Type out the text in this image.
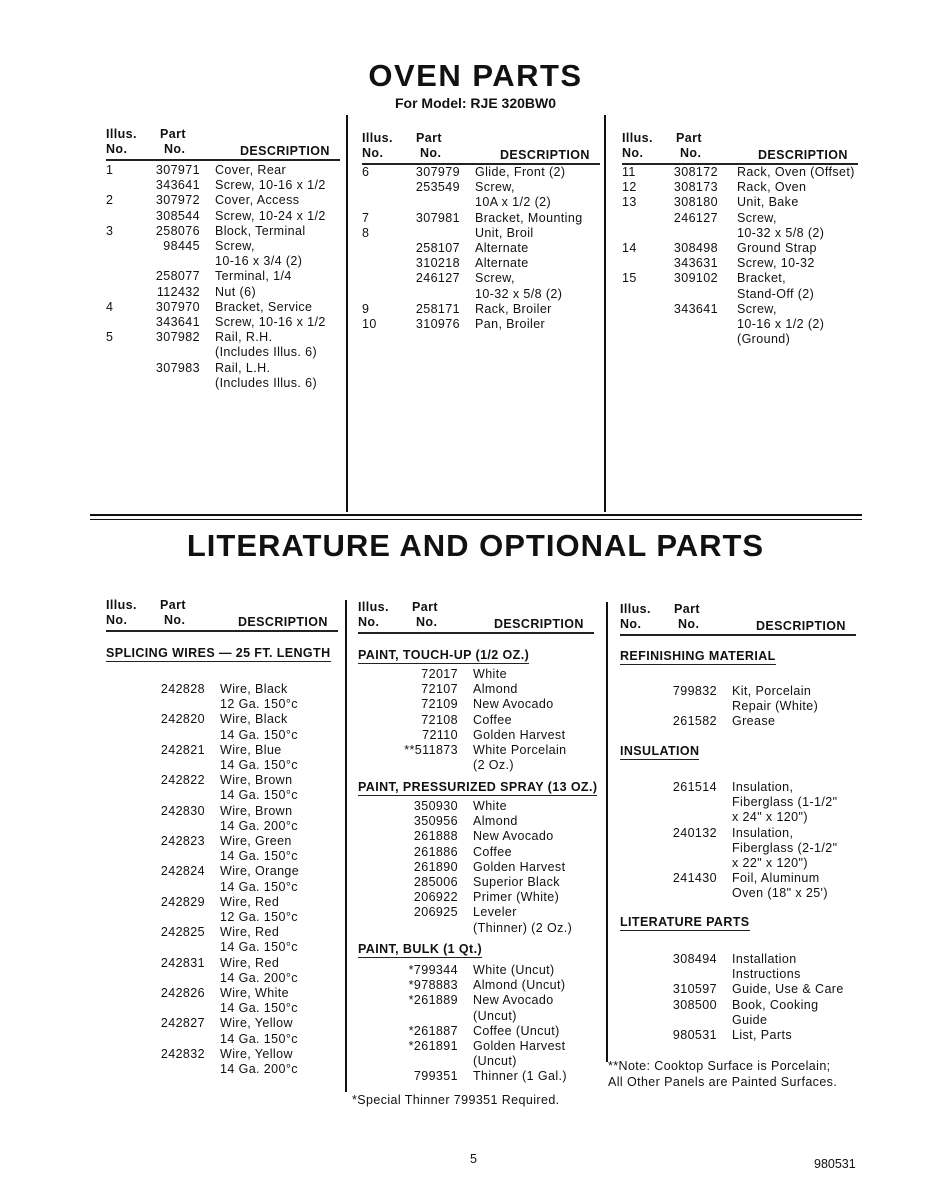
OVEN PARTS
For Model: RJE 320BW0
LITERATURE AND OPTIONAL PARTS
Illus.
No.
Part
No.	DESCRIPTION
1	307971 Cover, Rear
343641 Screw, 10-16 x 1/2
2	307972 Cover, Access
308544 Screw, 10-24 x 1/2
3	258076 Block, Terminal
98445 Screw,
10-16 x 3/4 (2)
258077 Terminal, 1/4
112432 Nut (6)
4	307970 Bracket, Service
343641 Screw, 10-16 x 1/2
5	307982 Rail, R.H.
(Includes Illus. 6)
307983 Rail, L.H.
(Includes Illus. 6)
Illus.
No.
Part
No.	DESCRIPTION
6	307979 Glide, Front (2)
253549 Screw,
10A x 1/2 (2)
7	307981 Bracket, Mounting
8	Unit, Broil
258107 Alternate
310218 Alternate
246127 Screw,
10-32 x 5/8 (2)
9	258171 Rack, Broiler
10	310976 Pan, Broiler
Illus.
No.
Part
No.	DESCRIPTION
11	308172 Rack, Oven (Offset)
12	308173 Rack, Oven
13	308180 Unit, Bake
246127 Screw,
10-32 x 5/8 (2)
14	308498 Ground Strap
343631 Screw, 10-32
15	309102 Bracket,
Stand-Off (2)
343641 Screw,
10-16 x 1/2 (2)
(Ground)
Illus.
No.
Part
No.	DESCRIPTION
SPLICING WIRES — 25 FT. LENGTH
242828 Wire, Black
12 Ga. 150°c
242820 Wire, Black
14 Ga. 150°c
242821 Wire, Blue
14 Ga. 150°c
242822 Wire, Brown
14 Ga. 150°c
242830 Wire, Brown
14 Ga. 200°c
242823 Wire, Green
14 Ga. 150°c
242824 Wire, Orange
14 Ga. 150°c
242829 Wire, Red
12 Ga. 150°c
242825 Wire, Red
14 Ga. 150°c
242831 Wire, Red
14 Ga. 200°c
242826 Wire, White
14 Ga. 150°c
242827 Wire, Yellow
14 Ga. 150°c
242832 Wire, Yellow
14 Ga. 200°c
Illus.
No.
Part
No.	DESCRIPTION
PAINT, TOUCH-UP (1/2 OZ.)
72017 White
72107 Almond
72109 New Avocado
72108 Coffee
72110 Golden Harvest
**511873 White Porcelain
(2 Oz.)
PAINT, PRESSURIZED SPRAY (13 OZ.)
350930 White
350956 Almond
261888 New Avocado
261886 Coffee
261890 Golden Harvest
285006 Superior Black
206922 Primer (White)
206925 Leveler
(Thinner) (2 Oz.)
PAINT, BULK (1 Qt.)
*799344 White (Uncut)
*978883 Almond (Uncut)
*261889 New Avocado
(Uncut)
*261887 Coffee (Uncut)
*261891 Golden Harvest
(Uncut)
799351 Thinner (1 Gal.)
*Special Thinner 799351 Required.
Illus.
No.
Part
No.	DESCRIPTION
REFINISHING MATERIAL
799832 Kit, Porcelain
Repair (White)
261582 Grease
INSULATION
261514 Insulation,
Fiberglass (1-1/2"
x 24" x 120")
240132 Insulation,
Fiberglass (2-1/2"
x 22" x 120")
241430 Foil, Aluminum
Oven (18" x 25')
LITERATURE PARTS
308494 Installation
Instructions
310597 Guide, Use & Care
308500 Book, Cooking
Guide
980531 List, Parts
**Note: Cooktop Surface is Porcelain;
All Other Panels are Painted Surfaces.
5	980531
